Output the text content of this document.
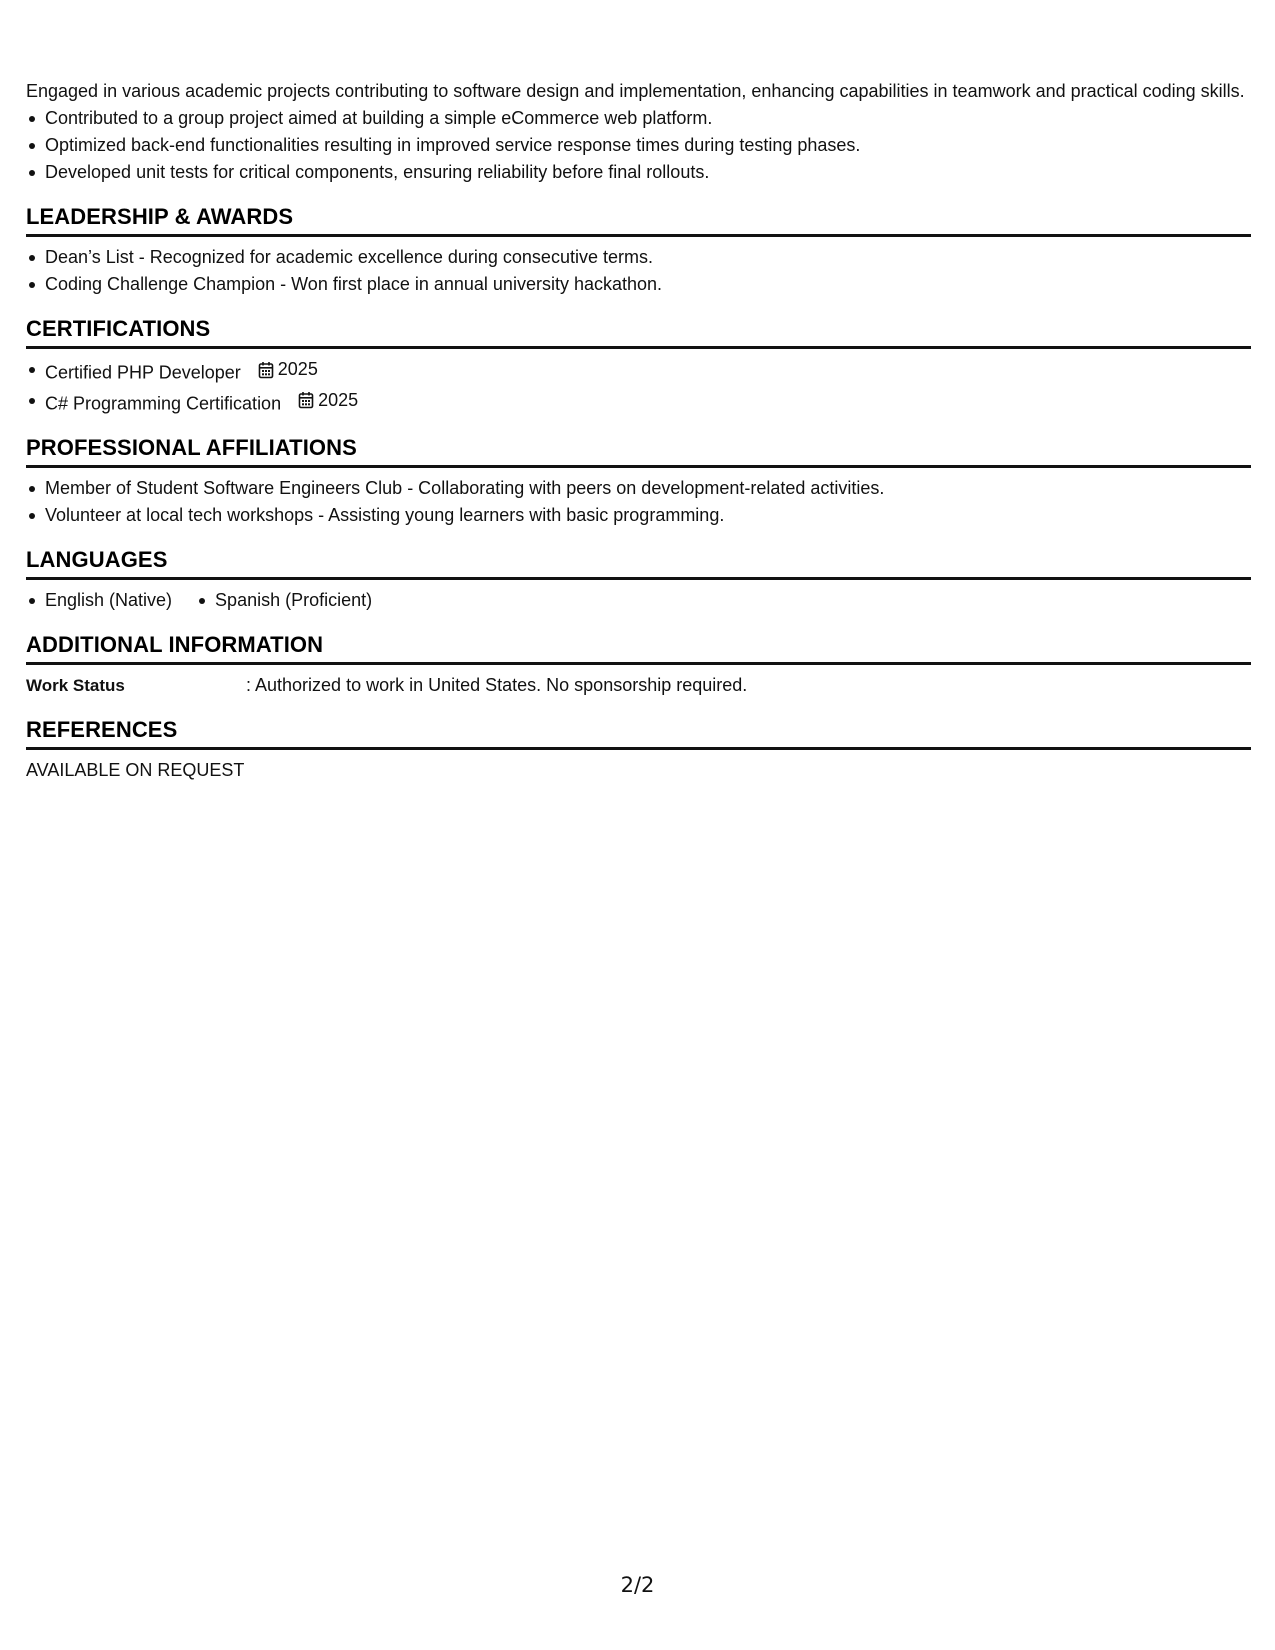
Engaged in various academic projects contributing to software design and implementation, enhancing capabilities in teamwork and practical coding skills.

Contributed to a group project aimed at building a simple eCommerce web platform.
Optimized back-end functionalities resulting in improved service response times during testing phases.
Developed unit tests for critical components, ensuring reliability before final rollouts.
LEADERSHIP & AWARDS
Dean’s List - Recognized for academic excellence during consecutive terms.
Coding Challenge Champion - Won first place in annual university hackathon.
CERTIFICATIONS
Certified PHP Developer 2025
C# Programming Certification 2025
PROFESSIONAL AFFILIATIONS
Member of Student Software Engineers Club - Collaborating with peers on development-related activities.
Volunteer at local tech workshops - Assisting young learners with basic programming.
LANGUAGES
English (Native)	Spanish (Proficient)
ADDITIONAL INFORMATION
Work Status	: Authorized to work in United States. No sponsorship required.
REFERENCES

AVAILABLE ON REQUEST

2/2
